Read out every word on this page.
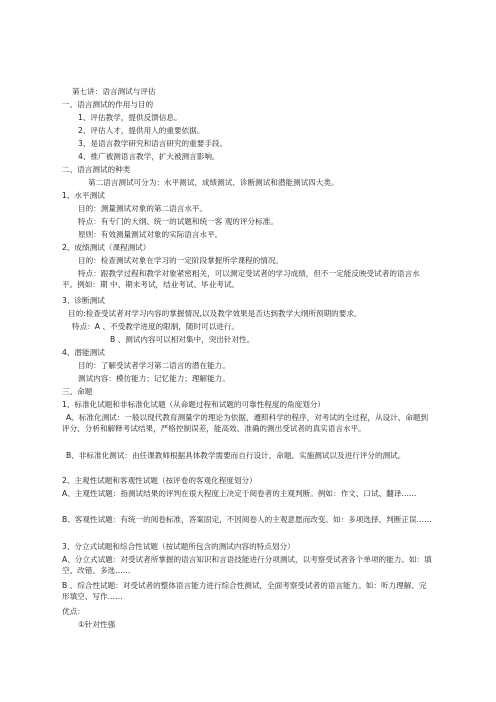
第七讲：语言测试与评估
一、语言测试的作用与目的
1、评估教学，提供反馈信息。
2、评估人才，提供用人的重要依据。
3、是语言教学研究和语言研究的重要手段。
4、推广被测语言教学，扩大被测言影响。
二、语言测试的种类
第二语言测试可分为：水平测试、成绩测试、诊断测试和潜能测试四大类。
1、水平测试
目的：测量测试对象的第二语言水平。
特点：有专门的大纲、统一的试题和统一客 观的评分标准。
原则：有效测量测试对象的实际语言水平。
2、成绩测试（课程测试）
目的：检查测试对象在学习的一定阶段掌握所学课程的情况。
特点：跟教学过程和教学对象紧密相关，可以测定受试者的学习成绩，但不一定能反映受试者的语言水平。例如：期 中、期末考试，结业考试、毕业考试。
3、诊断测试
目的:检查受试者对学习内容的掌握情况,以及教学效果是否达到教学大纲所预期的要求。
特点：A 、不受教学进度的限制，随时可以进行。
B 、测试内容可以相对集中，突出针对性。
4、潜能测试
目的：了解受试者学习第二语言的潜在能力。
测试内容：模仿能力；记忆能力；理解能力。
三、命题
1、标准化试题和非标准化试题（从命题过程和试题的可靠性程度的角度划分）
A、标准化测试：一般以现代教育测量学的理论为依据，遵照科学的程序，对考试的全过程，从设计、命题到评分、分析和解释考试结果，严格控制误差，能高效、准确的测出受试者的真实语言水平。
B、非标准化测试：由任课教师根据具体教学需要而自行设计、命题、实施测试以及进行评分的测试。
2、主观性试题和客观性试题（按评卷的客观化程度划分）
A、主观性试题：指测试结果的评判在很大程度上决定于阅卷者的主观判断。例如：作文、口试、翻译……
B、客观性试题：有统一的阅卷标准，答案固定，不因阅卷人的主观意愿而改变。如：多项选择、判断正误……
3、分立式试题和综合性试题（按试题所包含的测试内容的特点划分）
A、分立式试题：对受试者所掌握的语言知识和言语技能进行分项测试，以考察受试者各个单项的能力。如：填空、改错、多选……
B 、综合性试题：对受试者的整体语言能力进行综合性测试，全面考察受试者的语言能力。如：听力理解、完形填空、写作……
优点：
①针对性强
